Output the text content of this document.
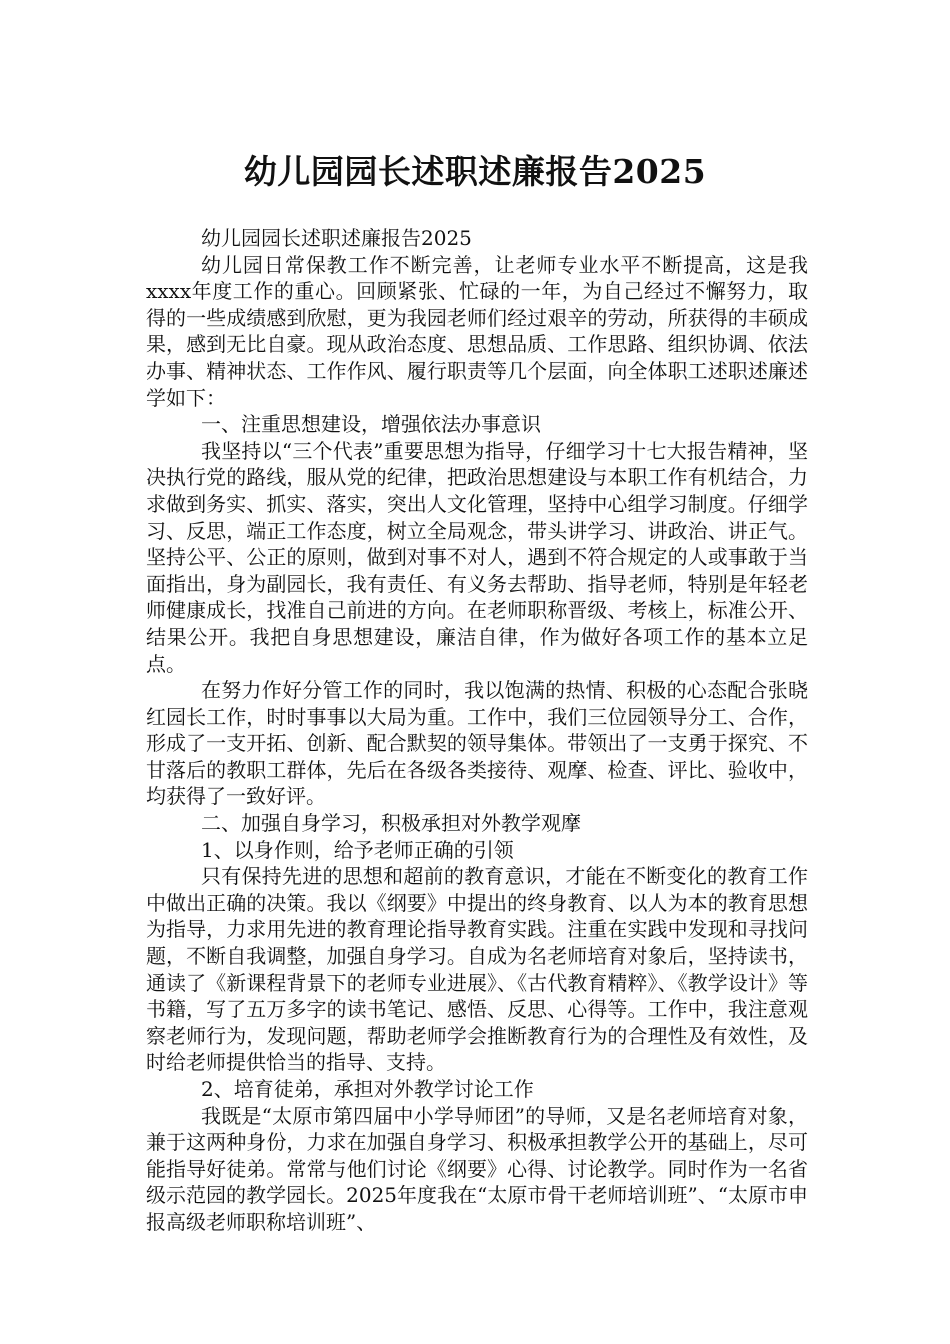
幼儿园园长述职述廉报告2025

幼儿园园长述职述廉报告2025

幼儿园日常保教工作不断完善，让老师专业水平不断提高，这是我xxxx年度工作的重心。回顾紧张、忙碌的一年，为自己经过不懈努力，取得的一些成绩感到欣慰，更为我园老师们经过艰辛的劳动，所获得的丰硕成果，感到无比自豪。现从政治态度、思想品质、工作思路、组织协调、依法办事、精神状态、工作作风、履行职责等几个层面，向全体职工述职述廉述学如下：

一、注重思想建设，增强依法办事意识

我坚持以“三个代表”重要思想为指导，仔细学习十七大报告精神，坚决执行党的路线，服从党的纪律，把政治思想建设与本职工作有机结合，力求做到务实、抓实、落实，突出人文化管理，坚持中心组学习制度。仔细学习、反思，端正工作态度，树立全局观念，带头讲学习、讲政治、讲正气。坚持公平、公正的原则，做到对事不对人，遇到不符合规定的人或事敢于当面指出，身为副园长，我有责任、有义务去帮助、指导老师，特别是年轻老师健康成长，找准自己前进的方向。在老师职称晋级、考核上，标准公开、结果公开。我把自身思想建设，廉洁自律，作为做好各项工作的基本立足点。

在努力作好分管工作的同时，我以饱满的热情、积极的心态配合张晓红园长工作，时时事事以大局为重。工作中，我们三位园领导分工、合作，形成了一支开拓、创新、配合默契的领导集体。带领出了一支勇于探究、不甘落后的教职工群体，先后在各级各类接待、观摩、检查、评比、验收中，均获得了一致好评。

二、加强自身学习，积极承担对外教学观摩

1、以身作则，给予老师正确的引领

只有保持先进的思想和超前的教育意识，才能在不断变化的教育工作中做出正确的决策。我以《纲要》中提出的终身教育、以人为本的教育思想为指导，力求用先进的教育理论指导教育实践。注重在实践中发现和寻找问题，不断自我调整，加强自身学习。自成为名老师培育对象后，坚持读书，通读了《新课程背景下的老师专业进展》、《古代教育精粹》、《教学设计》等书籍，写了五万多字的读书笔记、感悟、反思、心得等。工作中，我注意观察老师行为，发现问题，帮助老师学会推断教育行为的合理性及有效性，及时给老师提供恰当的指导、支持。

2、培育徒弟，承担对外教学讨论工作

我既是“太原市第四届中小学导师团”的导师，又是名老师培育对象，兼于这两种身份，力求在加强自身学习、积极承担教学公开的基础上，尽可能指导好徒弟。常常与他们讨论《纲要》心得、讨论教学。同时作为一名省级示范园的教学园长。2025年度我在“太原市骨干老师培训班”、“太原市申报高级老师职称培训班”、
